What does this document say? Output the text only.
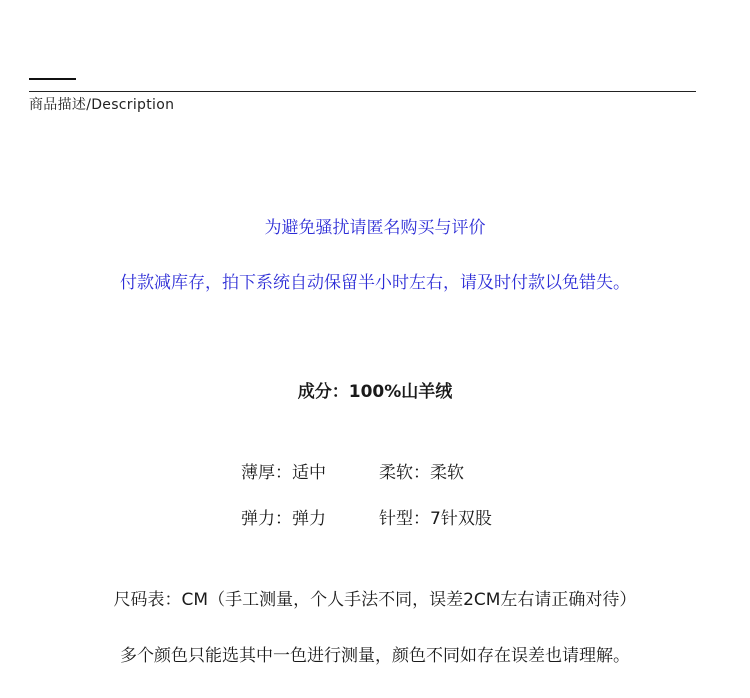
商品描述/Description
为避免骚扰请匿名购买与评价
付款减库存，拍下系统自动保留半小时左右，请及时付款以免错失。
成分：100%山羊绒
薄厚：适中	柔软：柔软
弹力：弹力	针型：7针双股
尺码表：CM（手工测量，个人手法不同，误差2CM左右请正确对待）
多个颜色只能选其中一色进行测量，颜色不同如存在误差也请理解。
